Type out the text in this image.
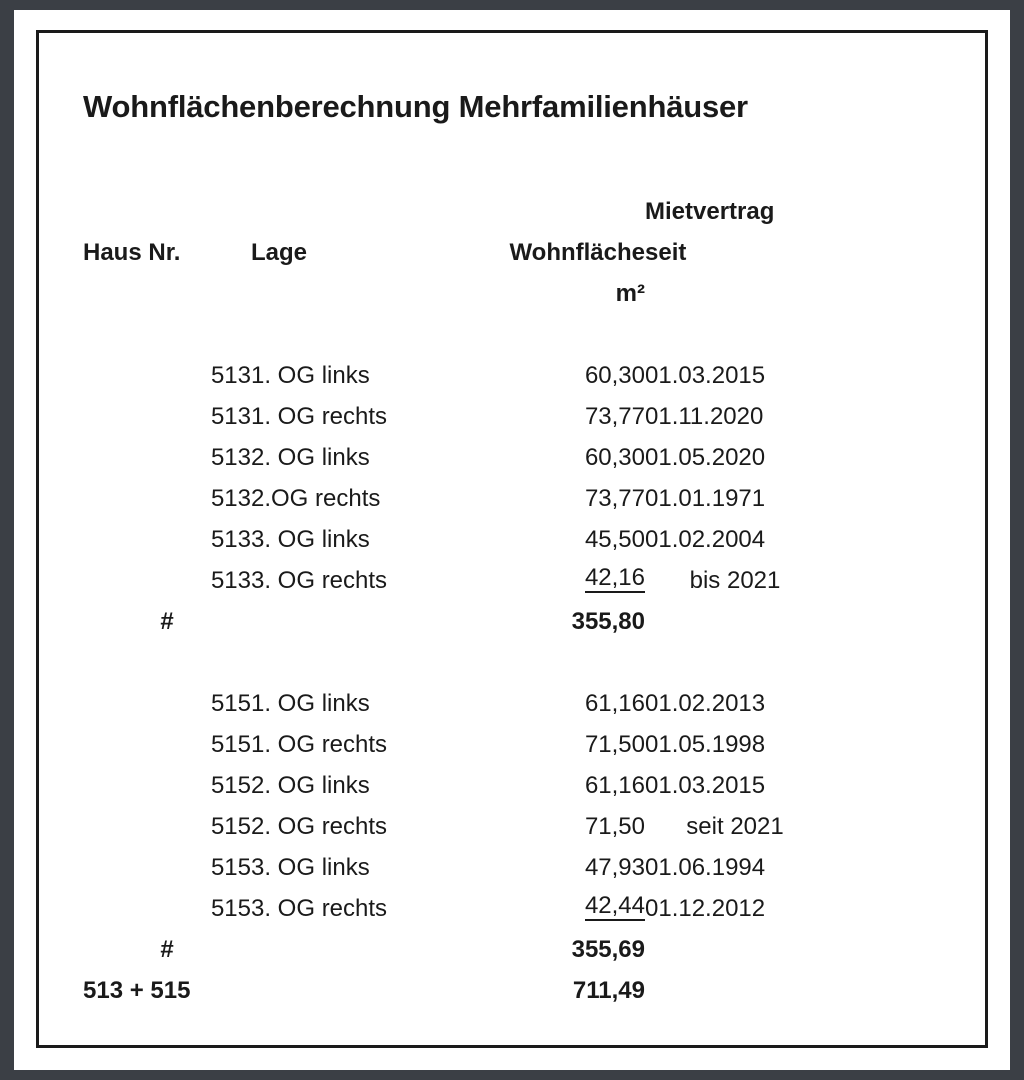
Wohnflächenberechnung Mehrfamilienhäuser
			Mietvertrag
Haus Nr.	Lage	Wohnfläche	seit
		m²	

513	1. OG links	60,30	01.03.2015
513	1. OG rechts	73,77	01.11.2020
513	2. OG links	60,30	01.05.2020
513	2.OG rechts	73,77	01.01.1971
513	3. OG links	45,50	01.02.2004
513	3. OG rechts	42,16	bis 2021
#		355,80	

515	1. OG links	61,16	01.02.2013
515	1. OG rechts	71,50	01.05.1998
515	2. OG links	61,16	01.03.2015
515	2. OG rechts	71,50	seit 2021
515	3. OG links	47,93	01.06.1994
515	3. OG rechts	42,44	01.12.2012
#		355,69	
513 + 515		711,49	
